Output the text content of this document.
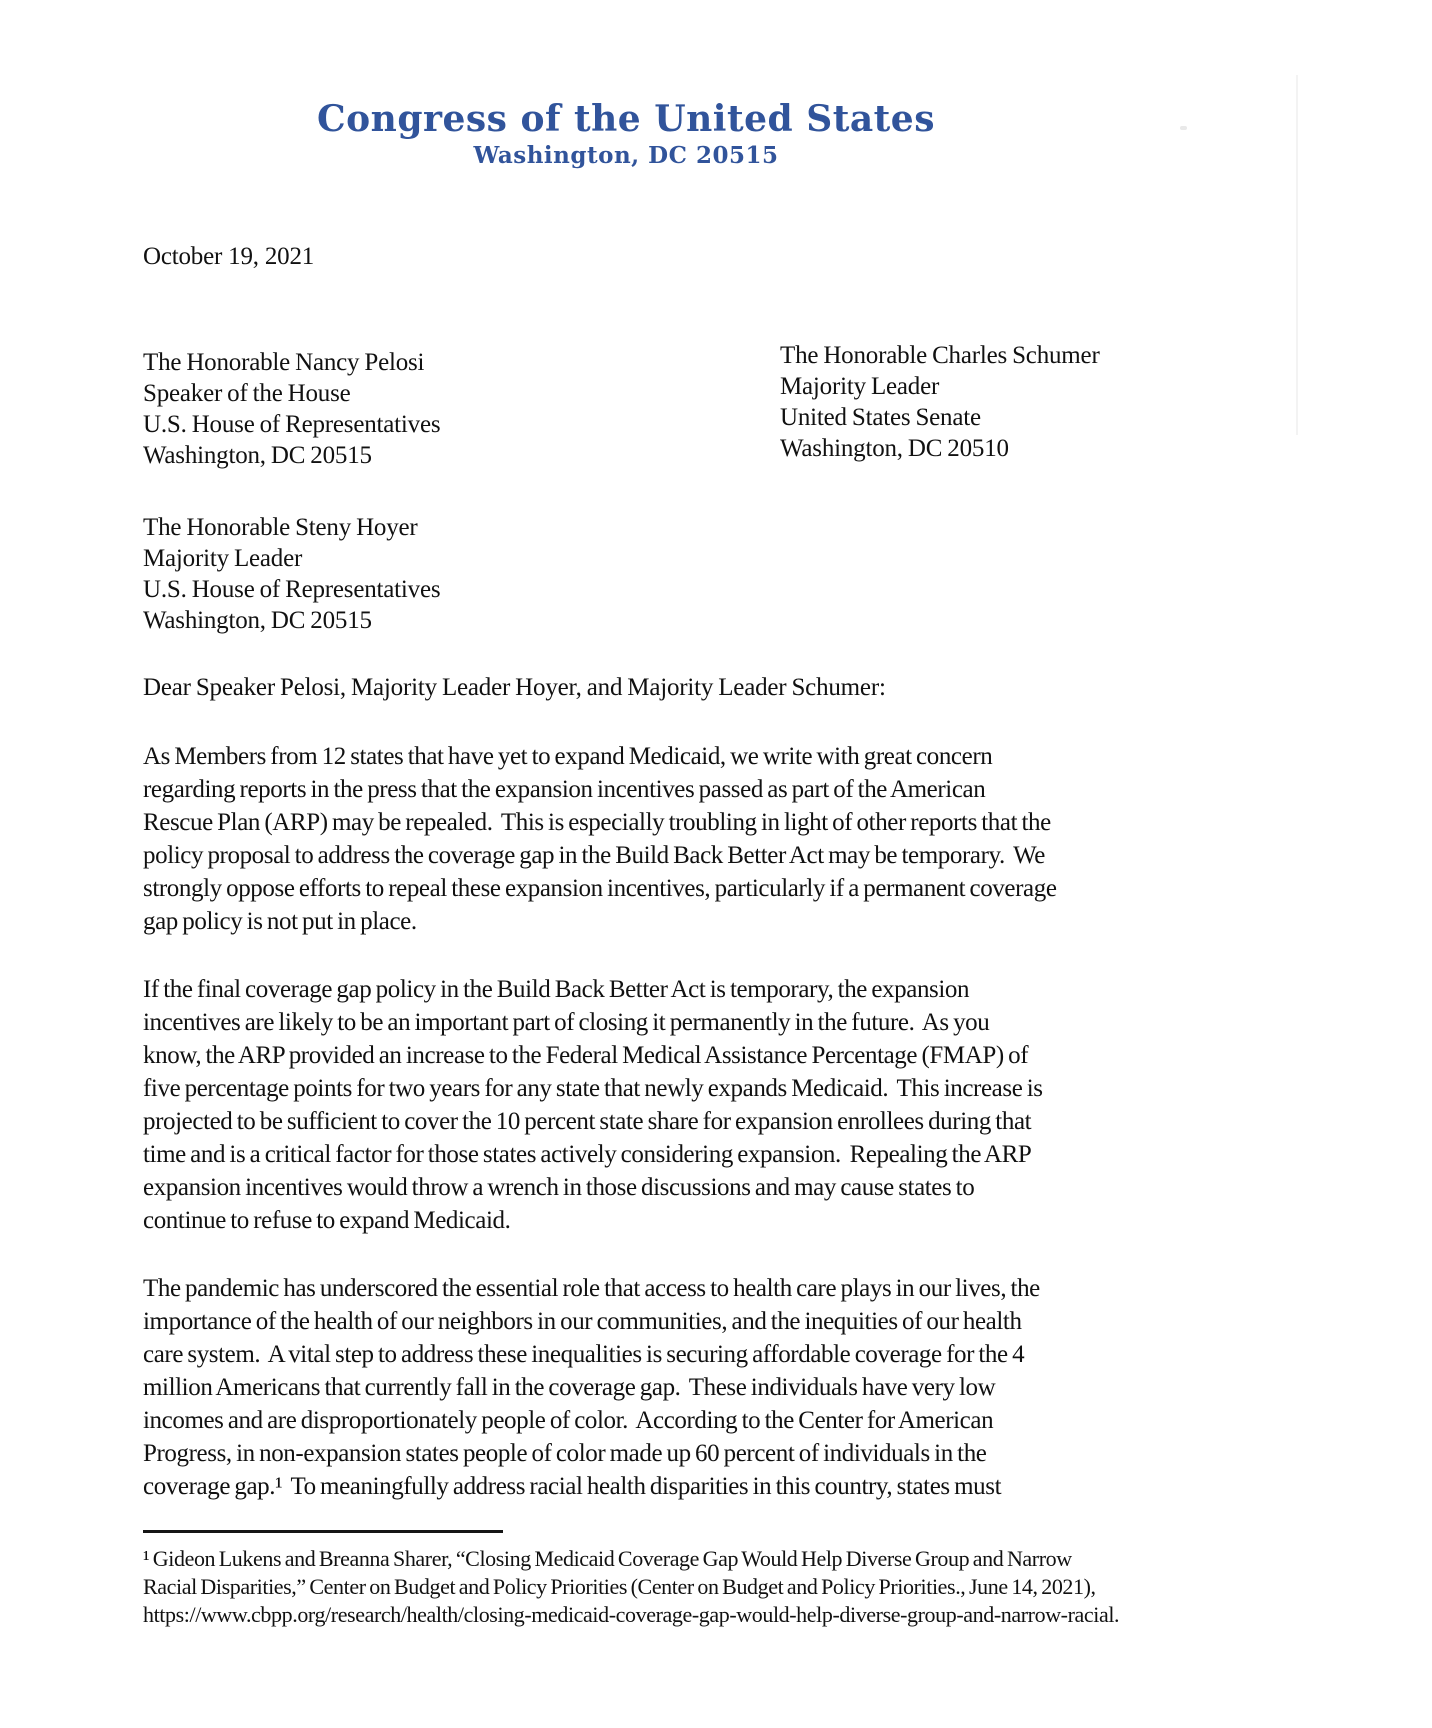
Congress of the United States
Washington, DC 20515
October 19, 2021
The Honorable Nancy Pelosi
Speaker of the House
U.S. House of Representatives
Washington, DC 20515
The Honorable Charles Schumer
Majority Leader
United States Senate
Washington, DC 20510
The Honorable Steny Hoyer
Majority Leader
U.S. House of Representatives
Washington, DC 20515
Dear Speaker Pelosi, Majority Leader Hoyer, and Majority Leader Schumer:

As Members from 12 states that have yet to expand Medicaid, we write with great concern
regarding reports in the press that the expansion incentives passed as part of the American
Rescue Plan (ARP) may be repealed.  This is especially troubling in light of other reports that the
policy proposal to address the coverage gap in the Build Back Better Act may be temporary.  We
strongly oppose efforts to repeal these expansion incentives, particularly if a permanent coverage
gap policy is not put in place.

If the final coverage gap policy in the Build Back Better Act is temporary, the expansion
incentives are likely to be an important part of closing it permanently in the future.  As you
know, the ARP provided an increase to the Federal Medical Assistance Percentage (FMAP) of
five percentage points for two years for any state that newly expands Medicaid.  This increase is
projected to be sufficient to cover the 10 percent state share for expansion enrollees during that
time and is a critical factor for those states actively considering expansion.  Repealing the ARP
expansion incentives would throw a wrench in those discussions and may cause states to
continue to refuse to expand Medicaid.

The pandemic has underscored the essential role that access to health care plays in our lives, the
importance of the health of our neighbors in our communities, and the inequities of our health
care system.  A vital step to address these inequalities is securing affordable coverage for the 4
million Americans that currently fall in the coverage gap.  These individuals have very low
incomes and are disproportionately people of color.  According to the Center for American
Progress, in non-expansion states people of color made up 60 percent of individuals in the
coverage gap.¹  To meaningfully address racial health disparities in this country, states must

¹ Gideon Lukens and Breanna Sharer, “Closing Medicaid Coverage Gap Would Help Diverse Group and Narrow
Racial Disparities,” Center on Budget and Policy Priorities (Center on Budget and Policy Priorities., June 14, 2021),
https://www.cbpp.org/research/health/closing-medicaid-coverage-gap-would-help-diverse-group-and-narrow-racial.
